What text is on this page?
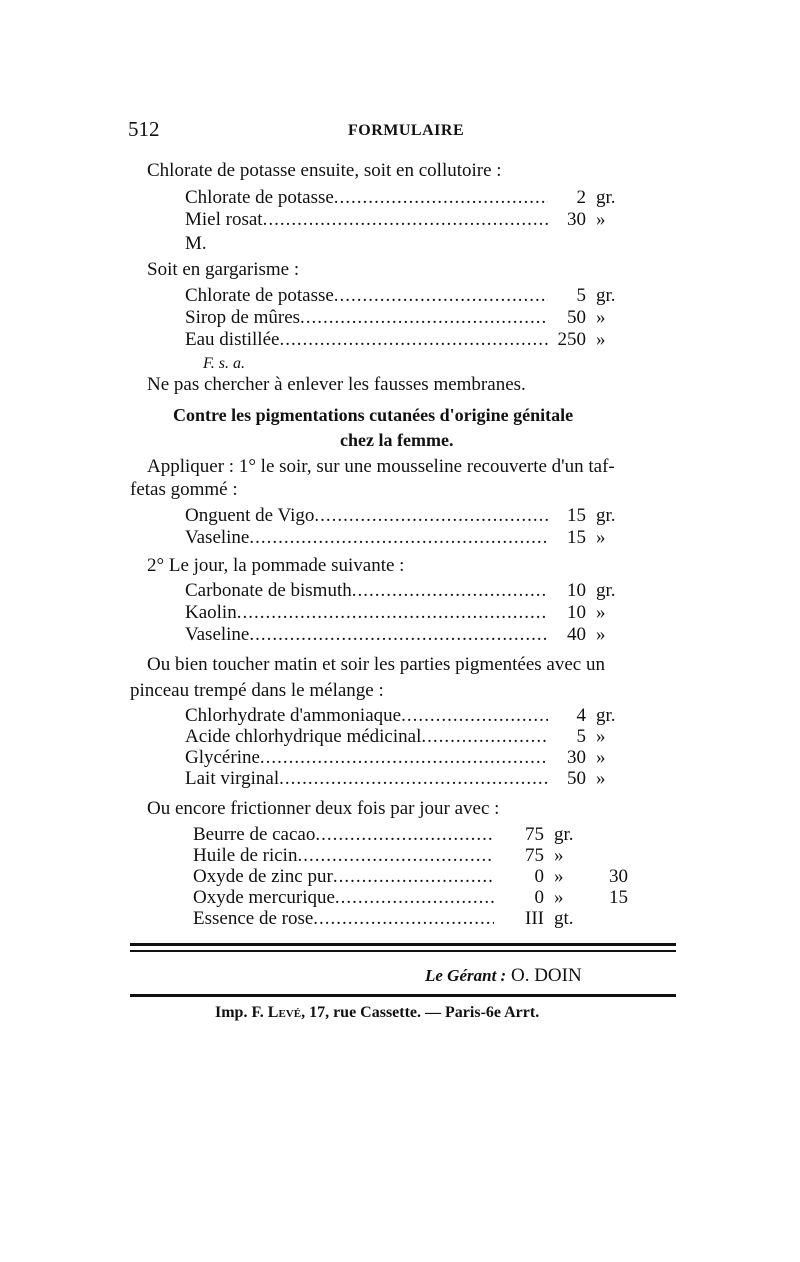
512	FORMULAIRE
Chlorate de potasse ensuite, soit en collutoire :
Chlorate de potasse .....	2 gr.
Miel rosat .....	30 »
M.
Soit en gargarisme :
Chlorate de potasse .....	5 gr.
Sirop de mûres .....	50 »
Eau distillée .....	250 »
F. s. a.
Ne pas chercher à enlever les fausses membranes.
Contre les pigmentations cutanées d'origine génitale
chez la femme.
Appliquer : 1° le soir, sur une mousseline recouverte d'un taf-
fetas gommé :
Onguent de Vigo .....	15 gr.
Vaseline .....	15 »
2° Le jour, la pommade suivante :
Carbonate de bismuth .....	10 gr.
Kaolin .....	10 »
Vaseline .....	40 »
Ou bien toucher matin et soir les parties pigmentées avec un
pinceau trempé dans le mélange :
Chlorhydrate d'ammoniaque .....	4 gr.
Acide chlorhydrique médicinal .....	5 »
Glycérine .....	30 »
Lait virginal .....	50 »
Ou encore frictionner deux fois par jour avec :
Beurre de cacao .....	75 gr.
Huile de ricin .....	75 »
Oxyde de zinc pur .....	0 »	30
Oxyde mercurique .....	0 »	15
Essence de rose .....	III gt.
Le Gérant : O. DOIN
Imp. F. Levé, 17, rue Cassette. — Paris-6e Arrt.
